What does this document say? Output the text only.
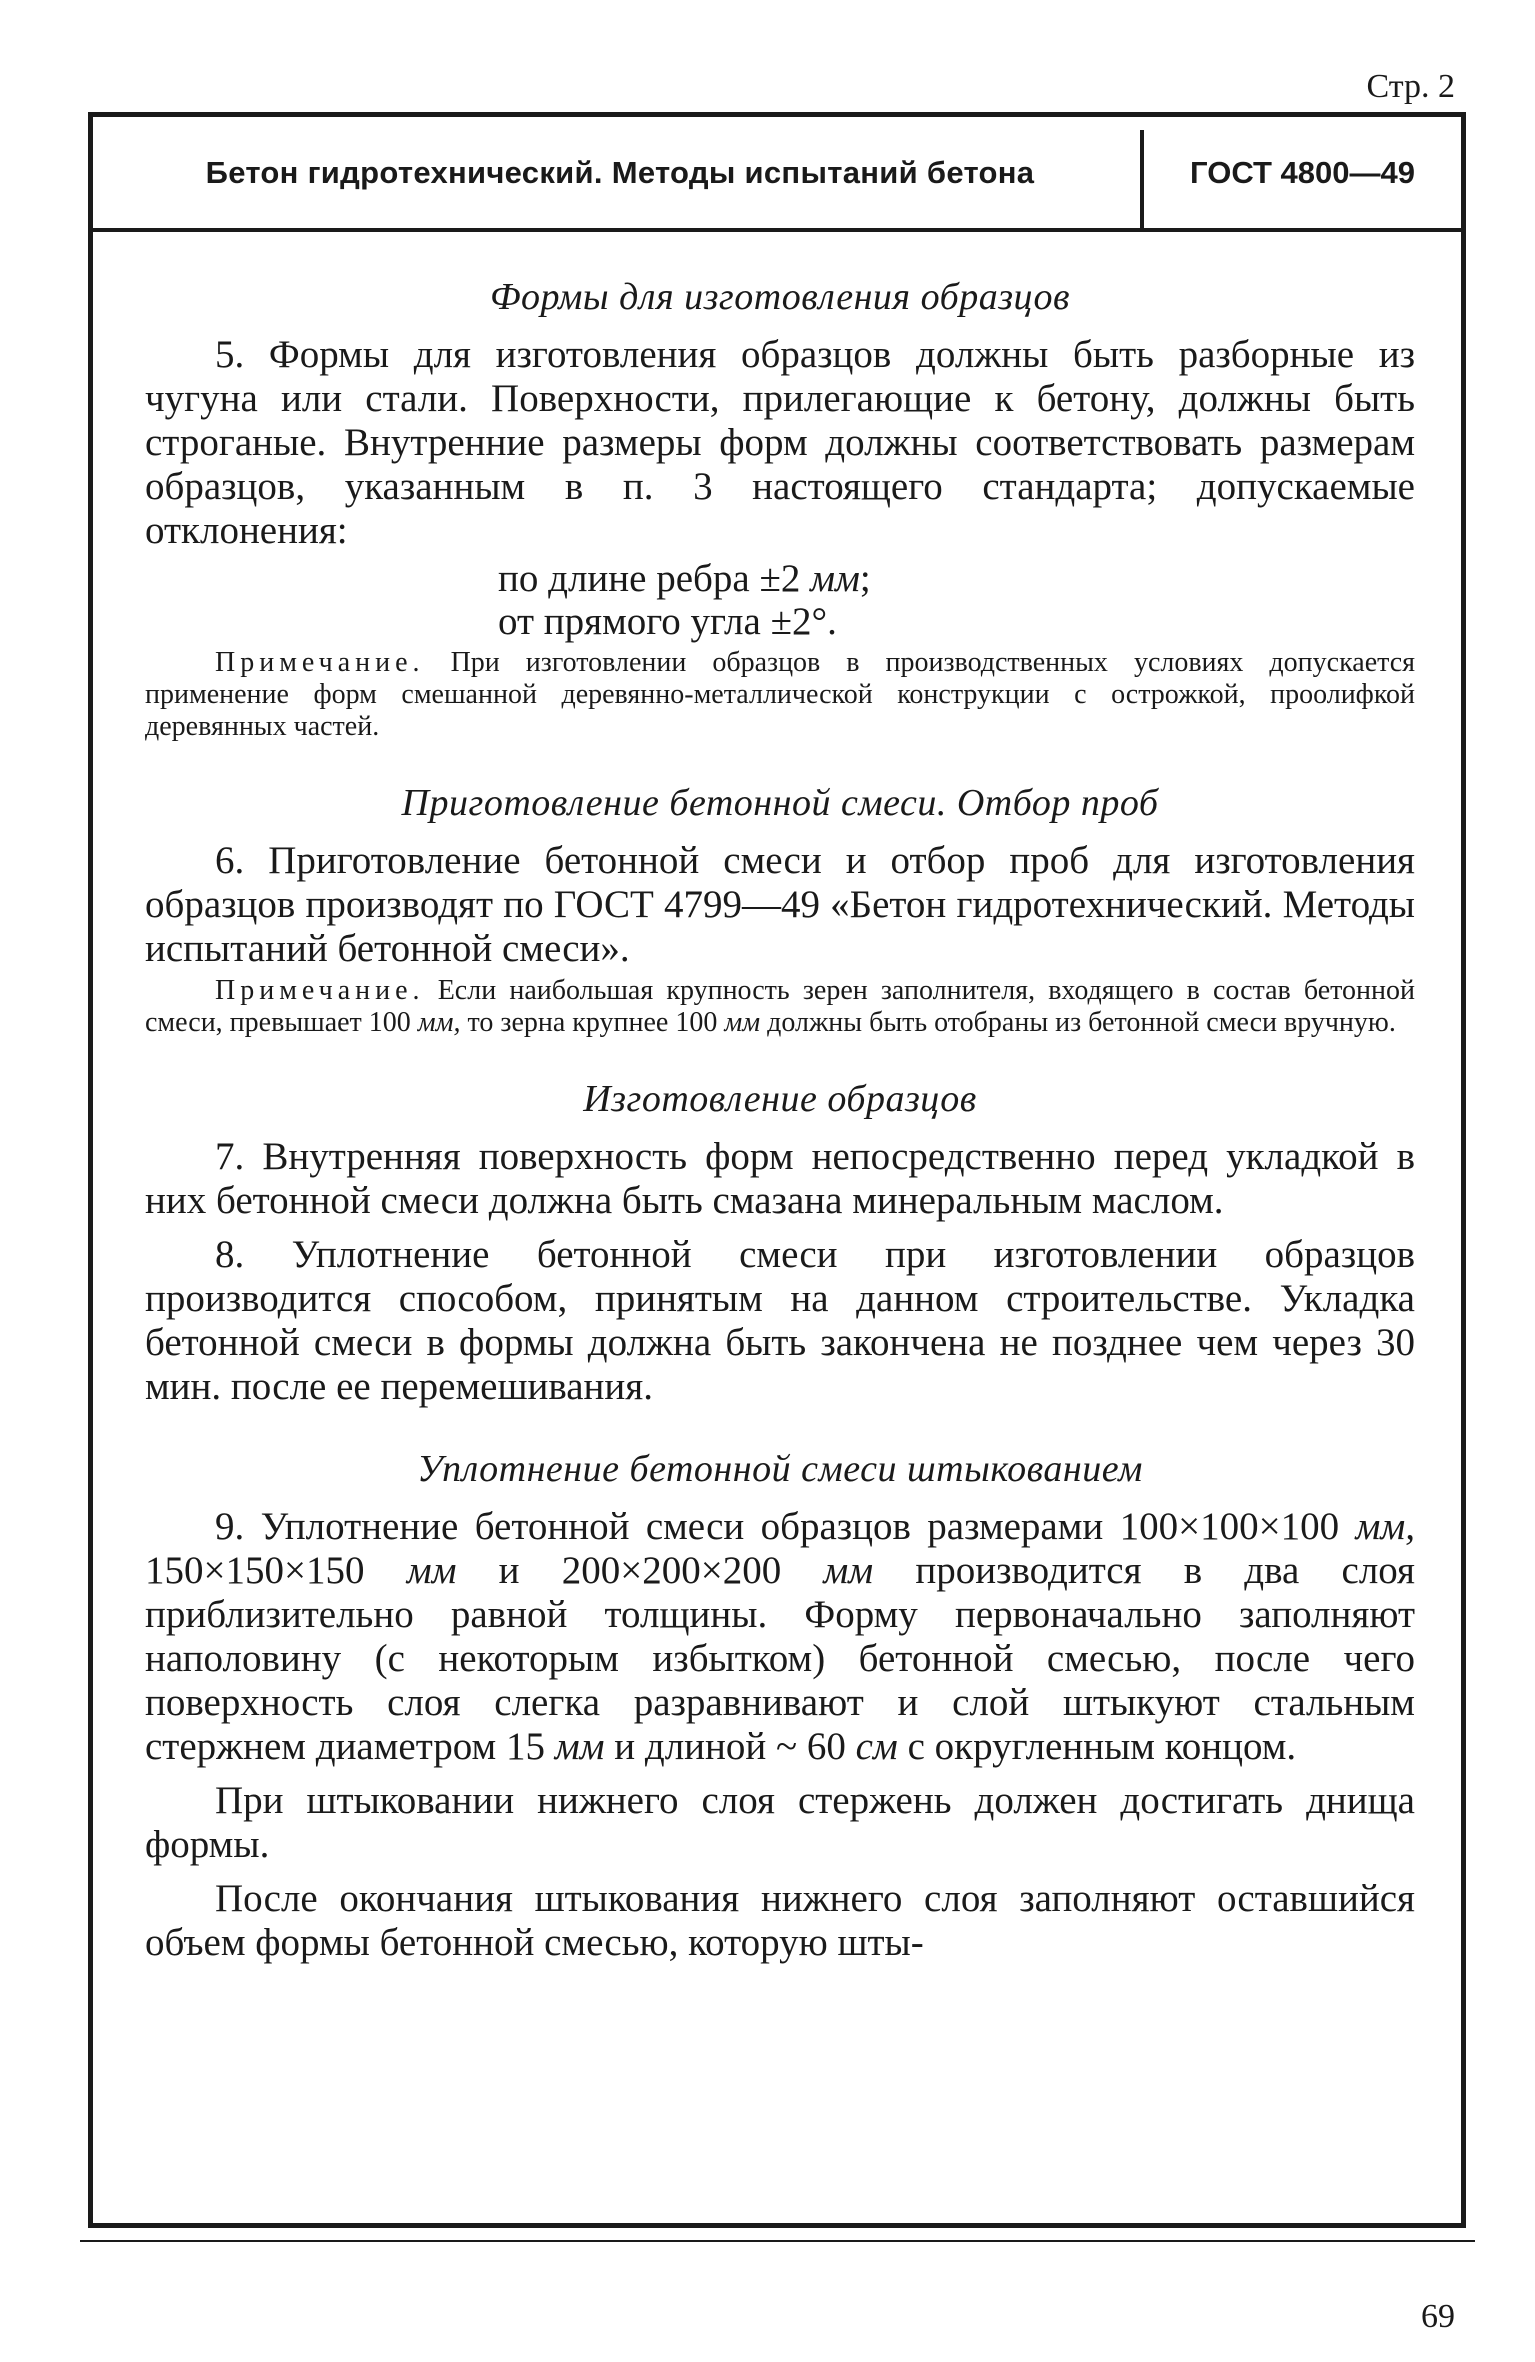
Стр. 2
Бетон гидротехнический. Методы испытаний бетона	ГОСТ 4800—49
Формы для изготовления образцов

5. Формы для изготовления образцов должны быть разборные из чугуна или стали. Поверхности, прилегающие к бетону, должны быть строганые. Внутренние размеры форм должны соответствовать размерам образцов, указанным в п. 3 настоящего стандарта; допускаемые отклонения:

по длине ребра ±2 мм;
от прямого угла ±2°.

Примечание. При изготовлении образцов в производственных условиях допускается применение форм смешанной деревянно-металлической конструкции с острожкой, проолифкой деревянных частей.

Приготовление бетонной смеси. Отбор проб

6. Приготовление бетонной смеси и отбор проб для изготовления образцов производят по ГОСТ 4799—49 «Бетон гидротехнический. Методы испытаний бетонной смеси».

Примечание. Если наибольшая крупность зерен заполнителя, входящего в состав бетонной смеси, превышает 100 мм, то зерна крупнее 100 мм должны быть отобраны из бетонной смеси вручную.

Изготовление образцов

7. Внутренняя поверхность форм непосредственно перед укладкой в них бетонной смеси должна быть смазана минеральным маслом.

8. Уплотнение бетонной смеси при изготовлении образцов производится способом, принятым на данном строительстве. Укладка бетонной смеси в формы должна быть закончена не позднее чем через 30 мин. после ее перемешивания.

Уплотнение бетонной смеси штыкованием

9. Уплотнение бетонной смеси образцов размерами 100×100×100 мм, 150×150×150 мм и 200×200×200 мм производится в два слоя приблизительно равной толщины. Форму первоначально заполняют наполовину (с некоторым избытком) бетонной смесью, после чего поверхность слоя слегка разравнивают и слой штыкуют стальным стержнем диаметром 15 мм и длиной ~ 60 см с округленным концом.

При штыковании нижнего слоя стержень должен достигать днища формы.

После окончания штыкования нижнего слоя заполняют оставшийся объем формы бетонной смесью, которую шты-

69
